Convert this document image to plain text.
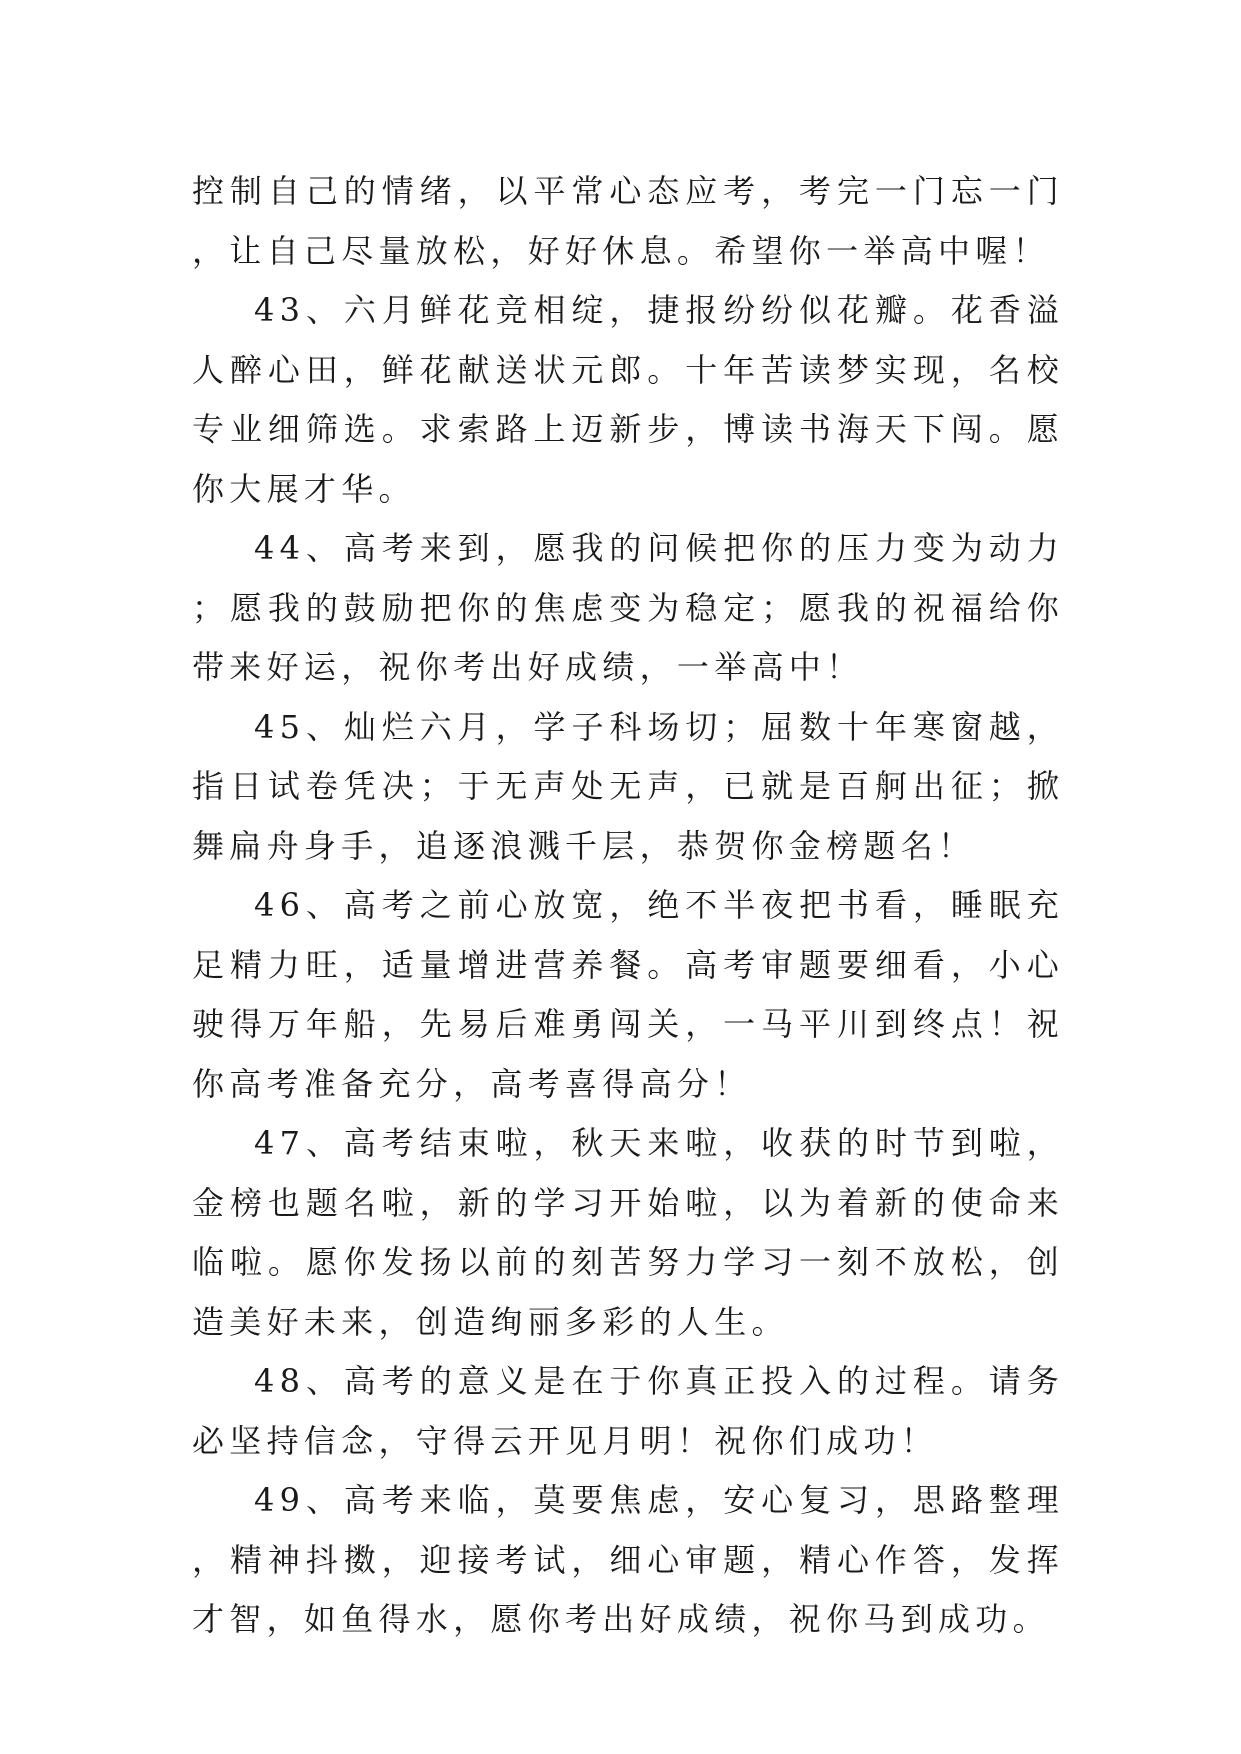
控制自己的情绪，以平常心态应考，考完一门忘一门，让自己尽量放松，好好休息。希望你一举高中喔！

43、六月鲜花竞相绽，捷报纷纷似花瓣。花香溢人醉心田，鲜花献送状元郎。十年苦读梦实现，名校专业细筛选。求索路上迈新步，博读书海天下闯。愿你大展才华。

44、高考来到，愿我的问候把你的压力变为动力；愿我的鼓励把你的焦虑变为稳定；愿我的祝福给你带来好运，祝你考出好成绩，一举高中！

45、灿烂六月，学子科场切；屈数十年寒窗越，指日试卷凭决；于无声处无声，已就是百舸出征；掀舞扁舟身手，追逐浪溅千层，恭贺你金榜题名！

46、高考之前心放宽，绝不半夜把书看，睡眠充足精力旺，适量增进营养餐。高考审题要细看，小心驶得万年船，先易后难勇闯关，一马平川到终点！祝你高考准备充分，高考喜得高分！

47、高考结束啦，秋天来啦，收获的时节到啦，金榜也题名啦，新的学习开始啦，以为着新的使命来临啦。愿你发扬以前的刻苦努力学习一刻不放松，创造美好未来，创造绚丽多彩的人生。

48、高考的意义是在于你真正投入的过程。请务必坚持信念，守得云开见月明！祝你们成功！

49、高考来临，莫要焦虑，安心复习，思路整理，精神抖擞，迎接考试，细心审题，精心作答，发挥才智，如鱼得水，愿你考出好成绩，祝你马到成功。
